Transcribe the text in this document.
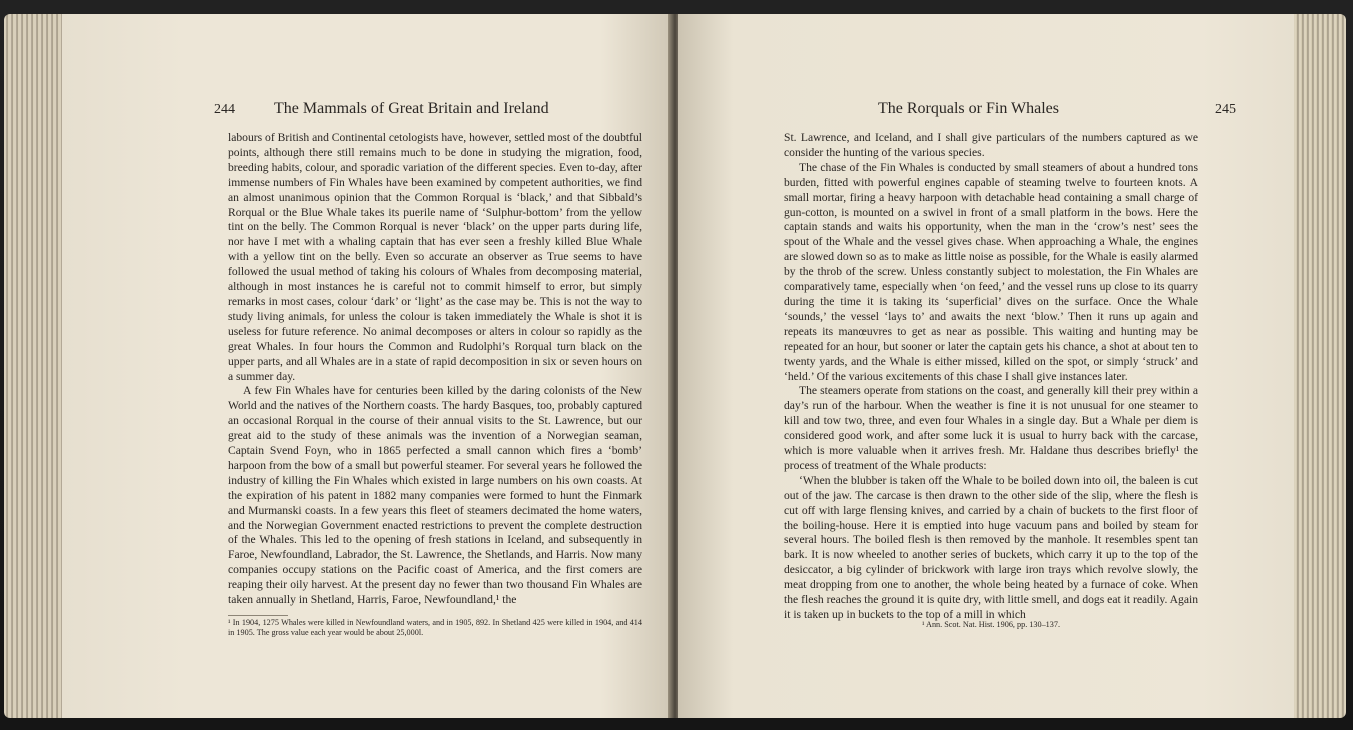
244 The Mammals of Great Britain and Ireland

labours of British and Continental cetologists have, however, settled most of the doubtful points, although there still remains much to be done in studying the migration, food, breeding habits, colour, and sporadic variation of the different species. Even to-day, after immense numbers of Fin Whales have been examined by competent authorities, we find an almost unanimous opinion that the Common Rorqual is ‘black,’ and that Sibbald’s Rorqual or the Blue Whale takes its puerile name of ‘Sulphur-bottom’ from the yellow tint on the belly. The Common Rorqual is never ‘black’ on the upper parts during life, nor have I met with a whaling captain that has ever seen a freshly killed Blue Whale with a yellow tint on the belly. Even so accurate an observer as True seems to have followed the usual method of taking his colours of Whales from decomposing material, although in most instances he is careful not to commit himself to error, but simply remarks in most cases, colour ‘dark’ or ‘light’ as the case may be. This is not the way to study living animals, for unless the colour is taken immediately the Whale is shot it is useless for future reference. No animal decomposes or alters in colour so rapidly as the great Whales. In four hours the Common and Rudolphi’s Rorqual turn black on the upper parts, and all Whales are in a state of rapid decomposition in six or seven hours on a summer day.

A few Fin Whales have for centuries been killed by the daring colonists of the New World and the natives of the Northern coasts. The hardy Basques, too, probably captured an occasional Rorqual in the course of their annual visits to the St. Lawrence, but our great aid to the study of these animals was the invention of a Norwegian seaman, Captain Svend Foyn, who in 1865 perfected a small cannon which fires a ‘bomb’ harpoon from the bow of a small but powerful steamer. For several years he followed the industry of killing the Fin Whales which existed in large numbers on his own coasts. At the expiration of his patent in 1882 many companies were formed to hunt the Finmark and Murmanski coasts. In a few years this fleet of steamers decimated the home waters, and the Norwegian Government enacted restrictions to prevent the complete destruction of the Whales. This led to the opening of fresh stations in Iceland, and subsequently in Faroe, Newfoundland, Labrador, the St. Lawrence, the Shetlands, and Harris. Now many companies occupy stations on the Pacific coast of America, and the first comers are reaping their oily harvest. At the present day no fewer than two thousand Fin Whales are taken annually in Shetland, Harris, Faroe, Newfoundland,¹ the

¹ In 1904, 1275 Whales were killed in Newfoundland waters, and in 1905, 892. In Shetland 425 were killed in 1904, and 414 in 1905. The gross value each year would be about 25,000l.
The Rorquals or Fin Whales	245

St. Lawrence, and Iceland, and I shall give particulars of the numbers captured as we consider the hunting of the various species.

The chase of the Fin Whales is conducted by small steamers of about a hundred tons burden, fitted with powerful engines capable of steaming twelve to fourteen knots. A small mortar, firing a heavy harpoon with detachable head containing a small charge of gun-cotton, is mounted on a swivel in front of a small platform in the bows. Here the captain stands and waits his opportunity, when the man in the ‘crow’s nest’ sees the spout of the Whale and the vessel gives chase. When approaching a Whale, the engines are slowed down so as to make as little noise as possible, for the Whale is easily alarmed by the throb of the screw. Unless constantly subject to molestation, the Fin Whales are comparatively tame, especially when ‘on feed,’ and the vessel runs up close to its quarry during the time it is taking its ‘superficial’ dives on the surface. Once the Whale ‘sounds,’ the vessel ‘lays to’ and awaits the next ‘blow.’ Then it runs up again and repeats its manœuvres to get as near as possible. This waiting and hunting may be repeated for an hour, but sooner or later the captain gets his chance, a shot at about ten to twenty yards, and the Whale is either missed, killed on the spot, or simply ‘struck’ and ‘held.’ Of the various excitements of this chase I shall give instances later.

The steamers operate from stations on the coast, and generally kill their prey within a day’s run of the harbour. When the weather is fine it is not unusual for one steamer to kill and tow two, three, and even four Whales in a single day. But a Whale per diem is considered good work, and after some luck it is usual to hurry back with the carcase, which is more valuable when it arrives fresh. Mr. Haldane thus describes briefly¹ the process of treatment of the Whale products:

‘When the blubber is taken off the Whale to be boiled down into oil, the baleen is cut out of the jaw. The carcase is then drawn to the other side of the slip, where the flesh is cut off with large flensing knives, and carried by a chain of buckets to the first floor of the boiling-house. Here it is emptied into huge vacuum pans and boiled by steam for several hours. The boiled flesh is then removed by the manhole. It resembles spent tan bark. It is now wheeled to another series of buckets, which carry it up to the top of the desiccator, a big cylinder of brickwork with large iron trays which revolve slowly, the meat dropping from one to another, the whole being heated by a furnace of coke. When the flesh reaches the ground it is quite dry, with little smell, and dogs eat it readily. Again it is taken up in buckets to the top of a mill in which

¹ Ann. Scot. Nat. Hist. 1906, pp. 130–137.
